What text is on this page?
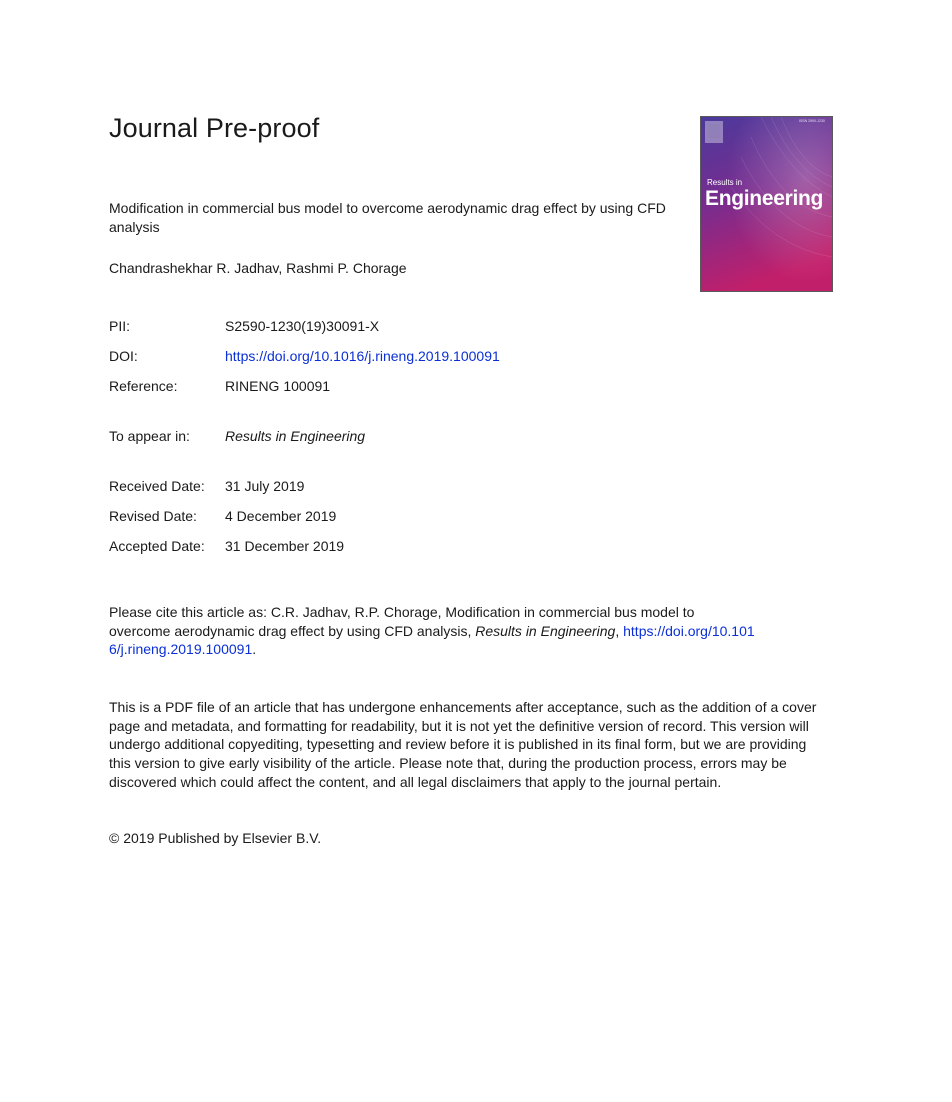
Journal Pre-proof
Modification in commercial bus model to overcome aerodynamic drag effect by using CFD analysis
Chandrashekhar R. Jadhav, Rashmi P. Chorage
PII:	S2590-1230(19)30091-X
DOI:	https://doi.org/10.1016/j.rineng.2019.100091
Reference:	RINENG 100091
To appear in:	Results in Engineering
Received Date: 31 July 2019
Revised Date: 4 December 2019
Accepted Date: 31 December 2019
Please cite this article as: C.R. Jadhav, R.P. Chorage, Modification in commercial bus model to overcome aerodynamic drag effect by using CFD analysis, Results in Engineering, https://doi.org/10.1016/j.rineng.2019.100091.
This is a PDF file of an article that has undergone enhancements after acceptance, such as the addition of a cover page and metadata, and formatting for readability, but it is not yet the definitive version of record. This version will undergo additional copyediting, typesetting and review before it is published in its final form, but we are providing this version to give early visibility of the article. Please note that, during the production process, errors may be discovered which could affect the content, and all legal disclaimers that apply to the journal pertain.
© 2019 Published by Elsevier B.V.
ISSN 2590-1230
Results in
Engineering
